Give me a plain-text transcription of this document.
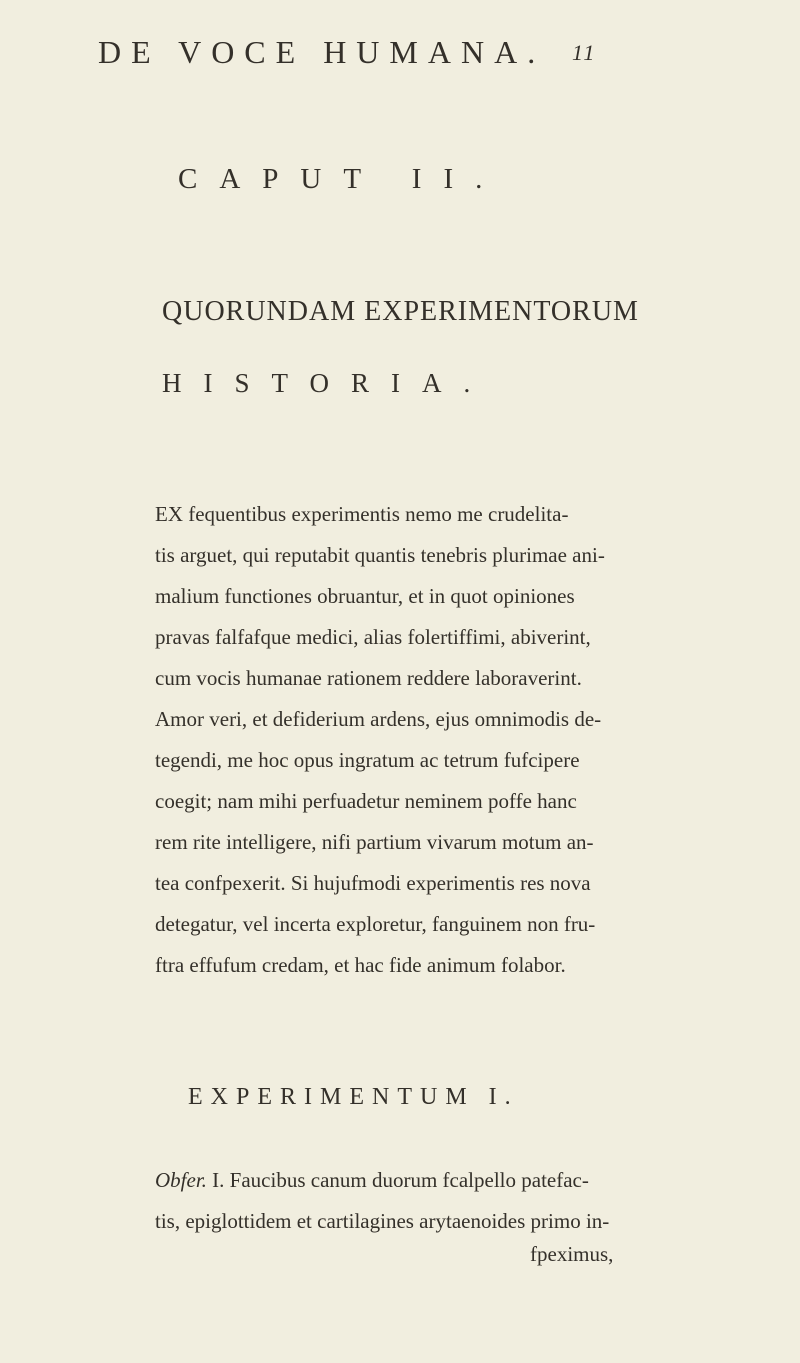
DE VOCE HUMANA. 11
CAPUT II.
QUORUNDAM EXPERIMENTORUM
HISTORIA.
EX fequentibus experimentis nemo me crudelita-
tis arguet, qui reputabit quantis tenebris plurimae ani-
malium functiones obruantur, et in quot opiniones
pravas falfafque medici, alias folertiffimi, abiverint,
cum vocis humanae rationem reddere laboraverint.
Amor veri, et defiderium ardens, ejus omnimodis de-
tegendi, me hoc opus ingratum ac tetrum fufcipere
coegit; nam mihi perfuadetur neminem poffe hanc
rem rite intelligere, nifi partium vivarum motum an-
tea confpexerit. Si hujufmodi experimentis res nova
detegatur, vel incerta exploretur, fanguinem non fru-
ftra effufum credam, et hac fide animum folabor.
EXPERIMENTUM I.
Obfer. I. Faucibus canum duorum fcalpello patefac-
tis, epiglottidem et cartilagines arytaenoides primo in-
fpeximus,
